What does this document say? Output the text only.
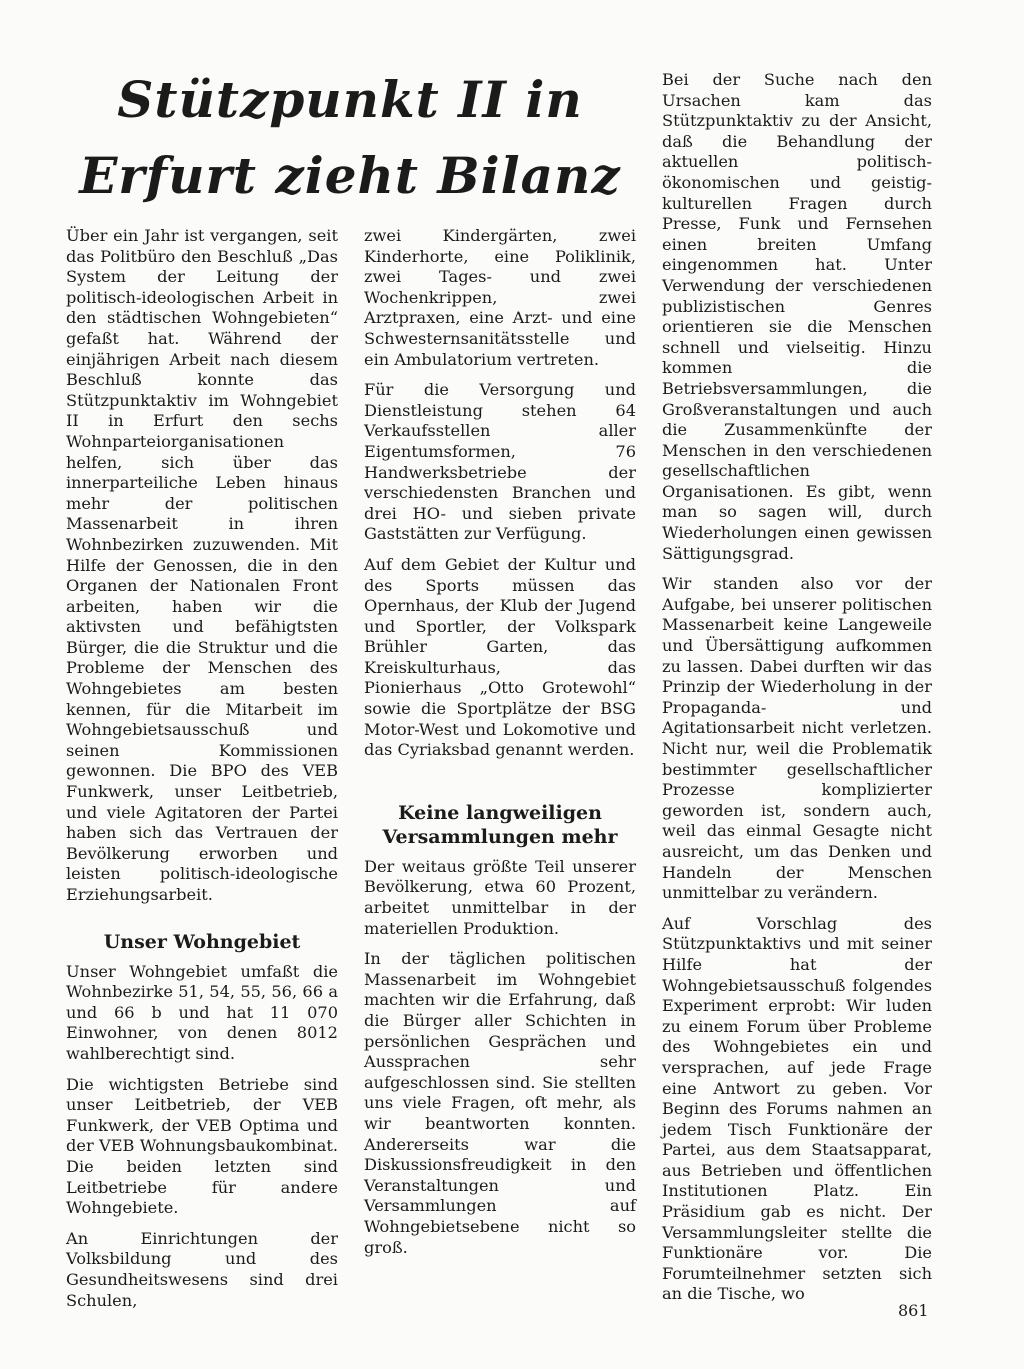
Stützpunkt II in Erfurt zieht Bilanz

Über ein Jahr ist vergangen, seit das Politbüro den Beschluß „Das System der Leitung der politisch-ideologischen Arbeit in den städtischen Wohngebieten“ gefaßt hat. Während der einjährigen Arbeit nach diesem Beschluß konnte das Stützpunktaktiv im Wohngebiet II in Erfurt den sechs Wohnparteiorganisationen helfen, sich über das innerparteiliche Leben hinaus mehr der politischen Massenarbeit in ihren Wohnbezirken zuzuwenden. Mit Hilfe der Genossen, die in den Organen der Nationalen Front arbeiten, haben wir die aktivsten und befähigtsten Bürger, die die Struktur und die Probleme der Menschen des Wohngebietes am besten kennen, für die Mitarbeit im Wohngebietsausschuß und seinen Kommissionen gewonnen. Die BPO des VEB Funkwerk, unser Leitbetrieb, und viele Agitatoren der Partei haben sich das Vertrauen der Bevölkerung erworben und leisten politisch-ideologische Erziehungsarbeit.

Unser Wohngebiet

Unser Wohngebiet umfaßt die Wohnbezirke 51, 54, 55, 56, 66 a und 66 b und hat 11 070 Einwohner, von denen 8012 wahlberechtigt sind.

Die wichtigsten Betriebe sind unser Leitbetrieb, der VEB Funkwerk, der VEB Optima und der VEB Wohnungsbaukombinat. Die beiden letzten sind Leitbetriebe für andere Wohngebiete.

An Einrichtungen der Volksbildung und des Gesundheitswesens sind drei Schulen,

zwei Kindergärten, zwei Kinderhorte, eine Poliklinik, zwei Tages- und zwei Wochenkrippen, zwei Arztpraxen, eine Arzt- und eine Schwesternsanitätsstelle und ein Ambulatorium vertreten.

Für die Versorgung und Dienstleistung stehen 64 Verkaufsstellen aller Eigentumsformen, 76 Handwerksbetriebe der verschiedensten Branchen und drei HO- und sieben private Gaststätten zur Verfügung.

Auf dem Gebiet der Kultur und des Sports müssen das Opernhaus, der Klub der Jugend und Sportler, der Volkspark Brühler Garten, das Kreiskulturhaus, das Pionierhaus „Otto Grotewohl“ sowie die Sportplätze der BSG Motor-West und Lokomotive und das Cyriaksbad genannt werden.

Keine langweiligen Versammlungen mehr

Der weitaus größte Teil unserer Bevölkerung, etwa 60 Prozent, arbeitet unmittelbar in der materiellen Produktion.

In der täglichen politischen Massenarbeit im Wohngebiet machten wir die Erfahrung, daß die Bürger aller Schichten in persönlichen Gesprächen und Aussprachen sehr aufgeschlossen sind. Sie stellten uns viele Fragen, oft mehr, als wir beantworten konnten. Andererseits war die Diskussionsfreudigkeit in den Veranstaltungen und Versammlungen auf Wohngebietsebene nicht so groß.

Bei der Suche nach den Ursachen kam das Stützpunktaktiv zu der Ansicht, daß die Behandlung der aktuellen politisch-ökonomischen und geistig-kulturellen Fragen durch Presse, Funk und Fernsehen einen breiten Umfang eingenommen hat. Unter Verwendung der verschiedenen publizistischen Genres orientieren sie die Menschen schnell und vielseitig. Hinzu kommen die Betriebsversammlungen, die Großveranstaltungen und auch die Zusammenkünfte der Menschen in den verschiedenen gesellschaftlichen Organisationen. Es gibt, wenn man so sagen will, durch Wiederholungen einen gewissen Sättigungsgrad.

Wir standen also vor der Aufgabe, bei unserer politischen Massenarbeit keine Langeweile und Übersättigung aufkommen zu lassen. Dabei durften wir das Prinzip der Wiederholung in der Propaganda- und Agitationsarbeit nicht verletzen. Nicht nur, weil die Problematik bestimmter gesellschaftlicher Prozesse komplizierter geworden ist, sondern auch, weil das einmal Gesagte nicht ausreicht, um das Denken und Handeln der Menschen unmittelbar zu verändern.

Auf Vorschlag des Stützpunktaktivs und mit seiner Hilfe hat der Wohngebietsausschuß folgendes Experiment erprobt: Wir luden zu einem Forum über Probleme des Wohngebietes ein und versprachen, auf jede Frage eine Antwort zu geben. Vor Beginn des Forums nahmen an jedem Tisch Funktionäre der Partei, aus dem Staatsapparat, aus Betrieben und öffentlichen Institutionen Platz. Ein Präsidium gab es nicht. Der Versammlungsleiter stellte die Funktionäre vor. Die Forumteilnehmer setzten sich an die Tische, wo

861
